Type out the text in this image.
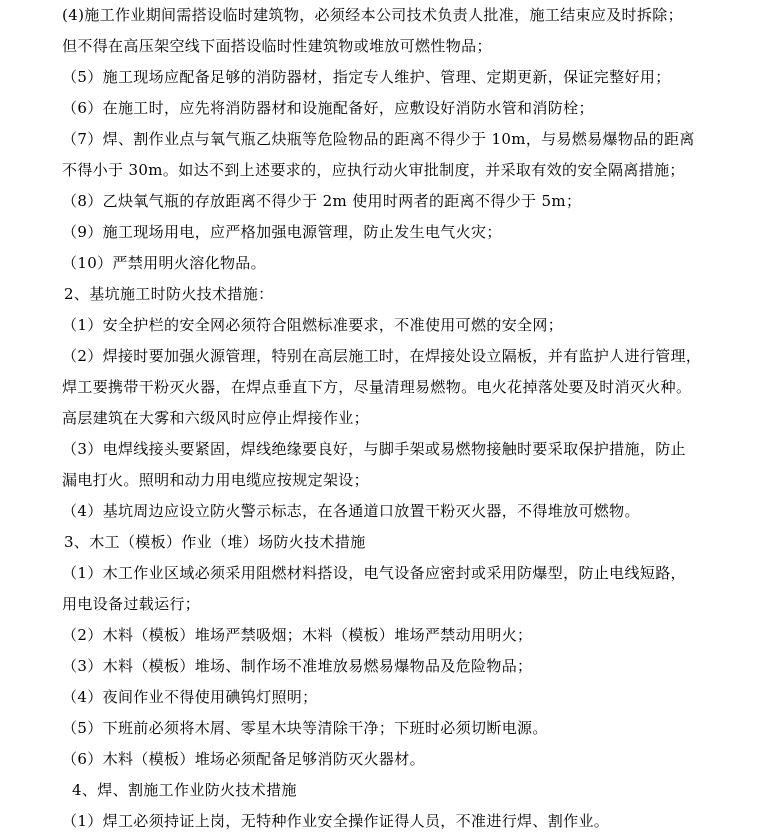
(4)施工作业期间需搭设临时建筑物，必须经本公司技术负责人批准，施工结束应及时拆除；
但不得在高压架空线下面搭设临时性建筑物或堆放可燃性物品；
（5）施工现场应配备足够的消防器材，指定专人维护、管理、定期更新，保证完整好用；
（6）在施工时，应先将消防器材和设施配备好，应敷设好消防水管和消防栓；
（7）焊、割作业点与氧气瓶乙炔瓶等危险物品的距离不得少于 10m，与易燃易爆物品的距离
不得小于 30m。如达不到上述要求的，应执行动火审批制度，并采取有效的安全隔离措施；
（8）乙炔氧气瓶的存放距离不得少于 2m 使用时两者的距离不得少于 5m；
（9）施工现场用电，应严格加强电源管理，防止发生电气火灾；
（10）严禁用明火溶化物品。
2、基坑施工时防火技术措施：
（1）安全护栏的安全网必须符合阻燃标准要求，不准使用可燃的安全网；
（2）焊接时要加强火源管理，特别在高层施工时，在焊接处设立隔板，并有监护人进行管理，
焊工要携带干粉灭火器，在焊点垂直下方，尽量清理易燃物。电火花掉落处要及时消灭火种。
高层建筑在大雾和六级风时应停止焊接作业；
（3）电焊线接头要紧固，焊线绝缘要良好，与脚手架或易燃物接触时要采取保护措施，防止
漏电打火。照明和动力用电缆应按规定架设；
（4）基坑周边应设立防火警示标志，在各通道口放置干粉灭火器，不得堆放可燃物。
3、木工（模板）作业（堆）场防火技术措施
（1）木工作业区域必须采用阻燃材料搭设，电气设备应密封或采用防爆型，防止电线短路，
用电设备过载运行；
（2）木料（模板）堆场严禁吸烟；木料（模板）堆场严禁动用明火；
（3）木料（模板）堆场、制作场不准堆放易燃易爆物品及危险物品；
（4）夜间作业不得使用碘钨灯照明；
（5）下班前必须将木屑、零星木块等清除干净；下班时必须切断电源。
（6）木料（模板）堆场必须配备足够消防灭火器材。
4、焊、割施工作业防火技术措施
（1）焊工必须持证上岗，无特种作业安全操作证得人员，不准进行焊、割作业。
